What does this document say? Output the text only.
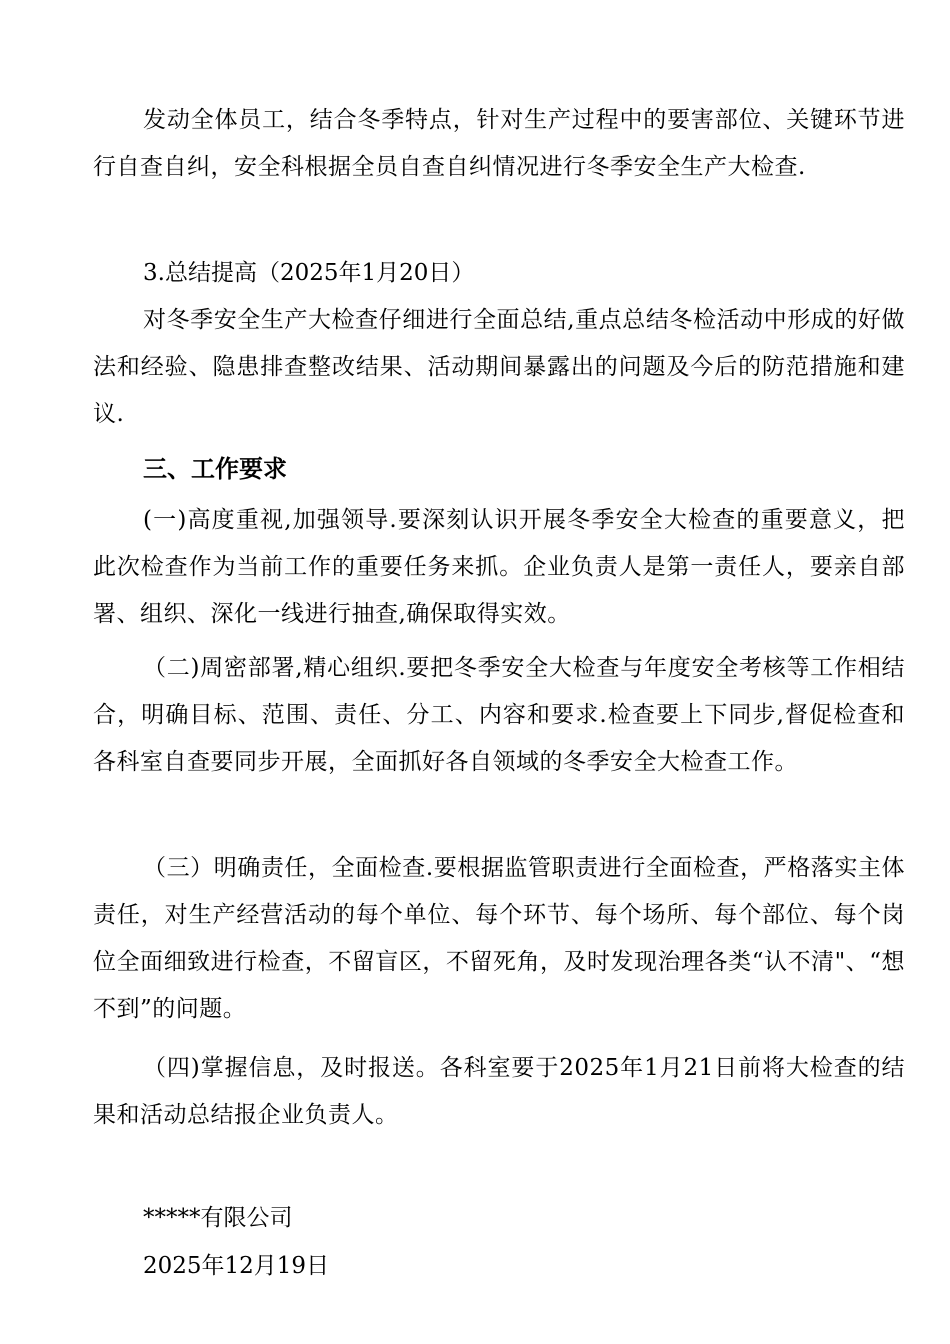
发动全体员工，结合冬季特点，针对生产过程中的要害部位、关键环节进行自查自纠，安全科根据全员自查自纠情况进行冬季安全生产大检查.

3.总结提高（2025年1月20日）

对冬季安全生产大检查仔细进行全面总结,重点总结冬检活动中形成的好做法和经验、隐患排查整改结果、活动期间暴露出的问题及今后的防范措施和建议.

三、工作要求

(一)高度重视,加强领导.要深刻认识开展冬季安全大检查的重要意义，把此次检查作为当前工作的重要任务来抓。企业负责人是第一责任人，要亲自部署、组织、深化一线进行抽查,确保取得实效。

（二)周密部署,精心组织.要把冬季安全大检查与年度安全考核等工作相结合，明确目标、范围、责任、分工、内容和要求.检查要上下同步,督促检查和各科室自查要同步开展，全面抓好各自领域的冬季安全大检查工作。

（三）明确责任，全面检查.要根据监管职责进行全面检查，严格落实主体责任，对生产经营活动的每个单位、每个环节、每个场所、每个部位、每个岗位全面细致进行检查，不留盲区，不留死角，及时发现治理各类“认不清"、“想不到”的问题。

（四)掌握信息，及时报送。各科室要于2025年1月21日前将大检查的结果和活动总结报企业负责人。

*****有限公司

2025年12月19日
